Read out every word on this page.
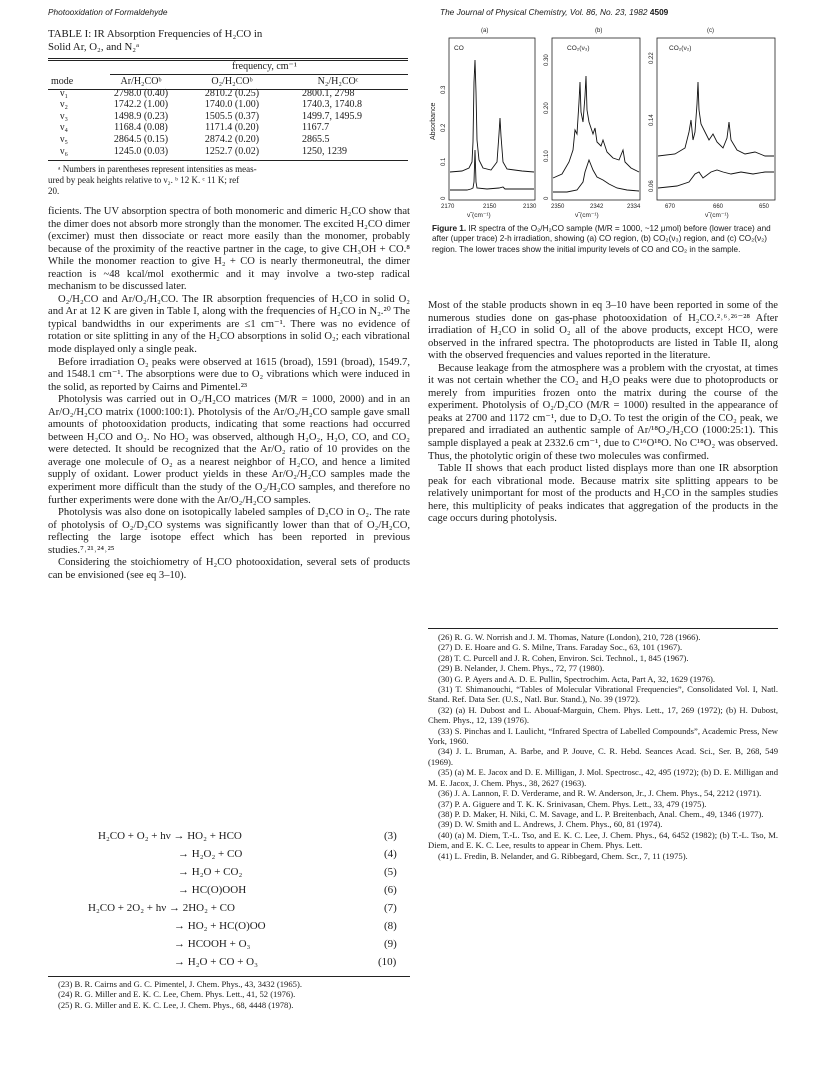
Photooxidation of Formaldehyde	The Journal of Physical Chemistry, Vol. 86, No. 23, 1982 4509
TABLE I: IR Absorption Frequencies of H₂CO in
Solid Ar, O₂, and N₂ᵃ
frequency, cm⁻¹
mode	Ar/H₂COᵇ	O₂/H₂COᵇ	N₂/H₂COᶜ
ν₁	2798.0 (0.40)	2810.2 (0.25)	2800.1, 2798
ν₂	1742.2 (1.00)	1740.0 (1.00)	1740.3, 1740.8
ν₃	1498.9 (0.23)	1505.5 (0.37)	1499.7, 1495.9
ν₄	1168.4 (0.08)	1171.4 (0.20)	1167.7
ν₅	2864.5 (0.15)	2874.2 (0.20)	2865.5
ν₆	1245.0 (0.03)	1252.7 (0.02)	1250, 1239
ᵃ Numbers in parentheses represent intensities as meas-
ured by peak heights relative to ν₂. ᵇ 12 K. ᶜ 11 K; ref
20.

ficients. The UV absorption spectra of both monomeric and dimeric H₂CO show that the dimer does not absorb more strongly than the monomer. The excited H₂CO dimer (excimer) must then dissociate or react more easily than the monomer, probably because of the proximity of the reactive partner in the cage, to give CH₃OH + CO.⁸ While the monomer reaction to give H₂ + CO is nearly thermoneutral, the dimer reaction is ~48 kcal/mol exothermic and it may involve a two-step radical mechanism to be discussed later.

O₂/H₂CO and Ar/O₂/H₂CO. The IR absorption frequencies of H₂CO in solid O₂ and Ar at 12 K are given in Table I, along with the frequencies of H₂CO in N₂.²⁰ The typical bandwidths in our experiments are ≤1 cm⁻¹. There was no evidence of rotation or site splitting in any of the H₂CO absorptions in solid O₂; each vibrational mode displayed only a single peak.

Before irradiation O₂ peaks were observed at 1615 (broad), 1591 (broad), 1549.7, and 1548.1 cm⁻¹. The absorptions were due to O₂ vibrations which were induced in the solid, as reported by Cairns and Pimentel.²³

Photolysis was carried out in O₂/H₂CO matrices (M/R = 1000, 2000) and in an Ar/O₂/H₂CO matrix (1000:100:1). Photolysis of the Ar/O₂/H₂CO sample gave small amounts of photooxidation products, indicating that some reactions had occurred between H₂CO and O₂. No HO₂ was observed, although H₂O₂, H₂O, CO, and CO₂ were detected. It should be recognized that the Ar/O₂ ratio of 10 provides on the average one molecule of O₂ as a nearest neighbor of H₂CO, and hence a limited supply of oxidant. Lower product yields in these Ar/O₂/H₂CO samples made the experiment more difficult than the study of the O₂/H₂CO samples, and therefore no further experiments were done with the Ar/O₂/H₂CO samples.

Photolysis was also done on isotopically labeled samples of D₂CO in O₂. The rate of photolysis of O₂/D₂CO systems was significantly lower than that of O₂/H₂CO, reflecting the large isotope effect which has been reported in previous studies.⁷˒²¹˒²⁴˒²⁵

Considering the stoichiometry of H₂CO photooxidation, several sets of products can be envisioned (see eq 3–10).

H₂CO + O₂ + hν → HO₂ + HCO	(3)
→ H₂O₂ + CO	(4)
→ H₂O + CO₂	(5)
→ HC(O)OOH	(6)
H₂CO + 2O₂ + hν → 2HO₂ + CO	(7)
→ HO₂ + HC(O)OO	(8)
→ HCOOH + O₃	(9)
→ H₂O + CO + O₃	(10)

(23) B. R. Cairns and G. C. Pimentel, J. Chem. Phys., 43, 3432 (1965).

(24) R. G. Miller and E. K. C. Lee, Chem. Phys. Lett., 41, 52 (1976).

(25) R. G. Miller and E. K. C. Lee, J. Chem. Phys., 68, 4448 (1978).

(a)	(b)	(c)
Absorbance
CO	CO₂(ν₃)	CO₂(ν₂)
0.3
0.2
0.1
0
0.30
0.20
0.10
0
0.22
0.14
0.06
2170	2150	2130 2350	2342	2334	670	660	650
ν̃ (cm⁻¹)	ν̃ (cm⁻¹)	ν̃ (cm⁻¹)
Figure 1. IR spectra of the O₂/H₂CO sample (M/R = 1000, ~12 μmol) before (lower trace) and after (upper trace) 2-h irradiation, showing (a) CO region, (b) CO₂(ν₃) region, and (c) CO₂(ν₂) region. The lower traces show the initial impurity levels of CO and CO₂ in the sample.

Most of the stable products shown in eq 3–10 have been reported in some of the numerous studies done on gas-phase photooxidation of H₂CO.²˒⁶˒²⁶⁻²⁸ After irradiation of H₂CO in solid O₂ all of the above products, except HCO, were observed in the infrared spectra. The photoproducts are listed in Table II, along with the observed frequencies and values reported in the literature.

Because leakage from the atmosphere was a problem with the cryostat, at times it was not certain whether the CO₂ and H₂O peaks were due to photoproducts or merely from impurities frozen onto the matrix during the course of the experiment. Photolysis of O₂/D₂CO (M/R = 1000) resulted in the appearance of peaks at 2700 and 1172 cm⁻¹, due to D₂O. To test the origin of the CO₂ peak, we prepared and irradiated an authentic sample of Ar/¹⁸O₂/H₂CO (1000:25:1). This sample displayed a peak at 2332.6 cm⁻¹, due to C¹⁶O¹⁸O. No C¹⁸O₂ was observed. Thus, the photolytic origin of these two molecules was confirmed.

Table II shows that each product listed displays more than one IR absorption peak for each vibrational mode. Because matrix site splitting appears to be relatively unimportant for most of the products and H₂CO in the samples studies here, this multiplicity of peaks indicates that aggregation of the products in the cage occurs during photolysis.

(26) R. G. W. Norrish and J. M. Thomas, Nature (London), 210, 728 (1966).

(27) D. E. Hoare and G. S. Milne, Trans. Faraday Soc., 63, 101 (1967).

(28) T. C. Purcell and J. R. Cohen, Environ. Sci. Technol., 1, 845 (1967).

(29) B. Nelander, J. Chem. Phys., 72, 77 (1980).

(30) G. P. Ayers and A. D. E. Pullin, Spectrochim. Acta, Part A, 32, 1629 (1976).

(31) T. Shimanouchi, “Tables of Molecular Vibrational Frequencies”, Consolidated Vol. I, Natl. Stand. Ref. Data Ser. (U.S., Natl. Bur. Stand.), No. 39 (1972).

(32) (a) H. Dubost and L. Abouaf-Marguin, Chem. Phys. Lett., 17, 269 (1972); (b) H. Dubost, Chem. Phys., 12, 139 (1976).

(33) S. Pinchas and I. Laulicht, “Infrared Spectra of Labelled Compounds”, Academic Press, New York, 1960.

(34) J. L. Bruman, A. Barbe, and P. Jouve, C. R. Hebd. Seances Acad. Sci., Ser. B, 268, 549 (1969).

(35) (a) M. E. Jacox and D. E. Milligan, J. Mol. Spectrosc., 42, 495 (1972); (b) D. E. Milligan and M. E. Jacox, J. Chem. Phys., 38, 2627 (1963).

(36) J. A. Lannon, F. D. Verderame, and R. W. Anderson, Jr., J. Chem. Phys., 54, 2212 (1971).

(37) P. A. Giguere and T. K. K. Srinivasan, Chem. Phys. Lett., 33, 479 (1975).

(38) P. D. Maker, H. Niki, C. M. Savage, and L. P. Breitenbach, Anal. Chem., 49, 1346 (1977).

(39) D. W. Smith and L. Andrews, J. Chem. Phys., 60, 81 (1974).

(40) (a) M. Diem, T.-L. Tso, and E. K. C. Lee, J. Chem. Phys., 64, 6452 (1982); (b) T.-L. Tso, M. Diem, and E. K. C. Lee, results to appear in Chem. Phys. Lett.

(41) L. Fredin, B. Nelander, and G. Ribbegard, Chem. Scr., 7, 11 (1975).
